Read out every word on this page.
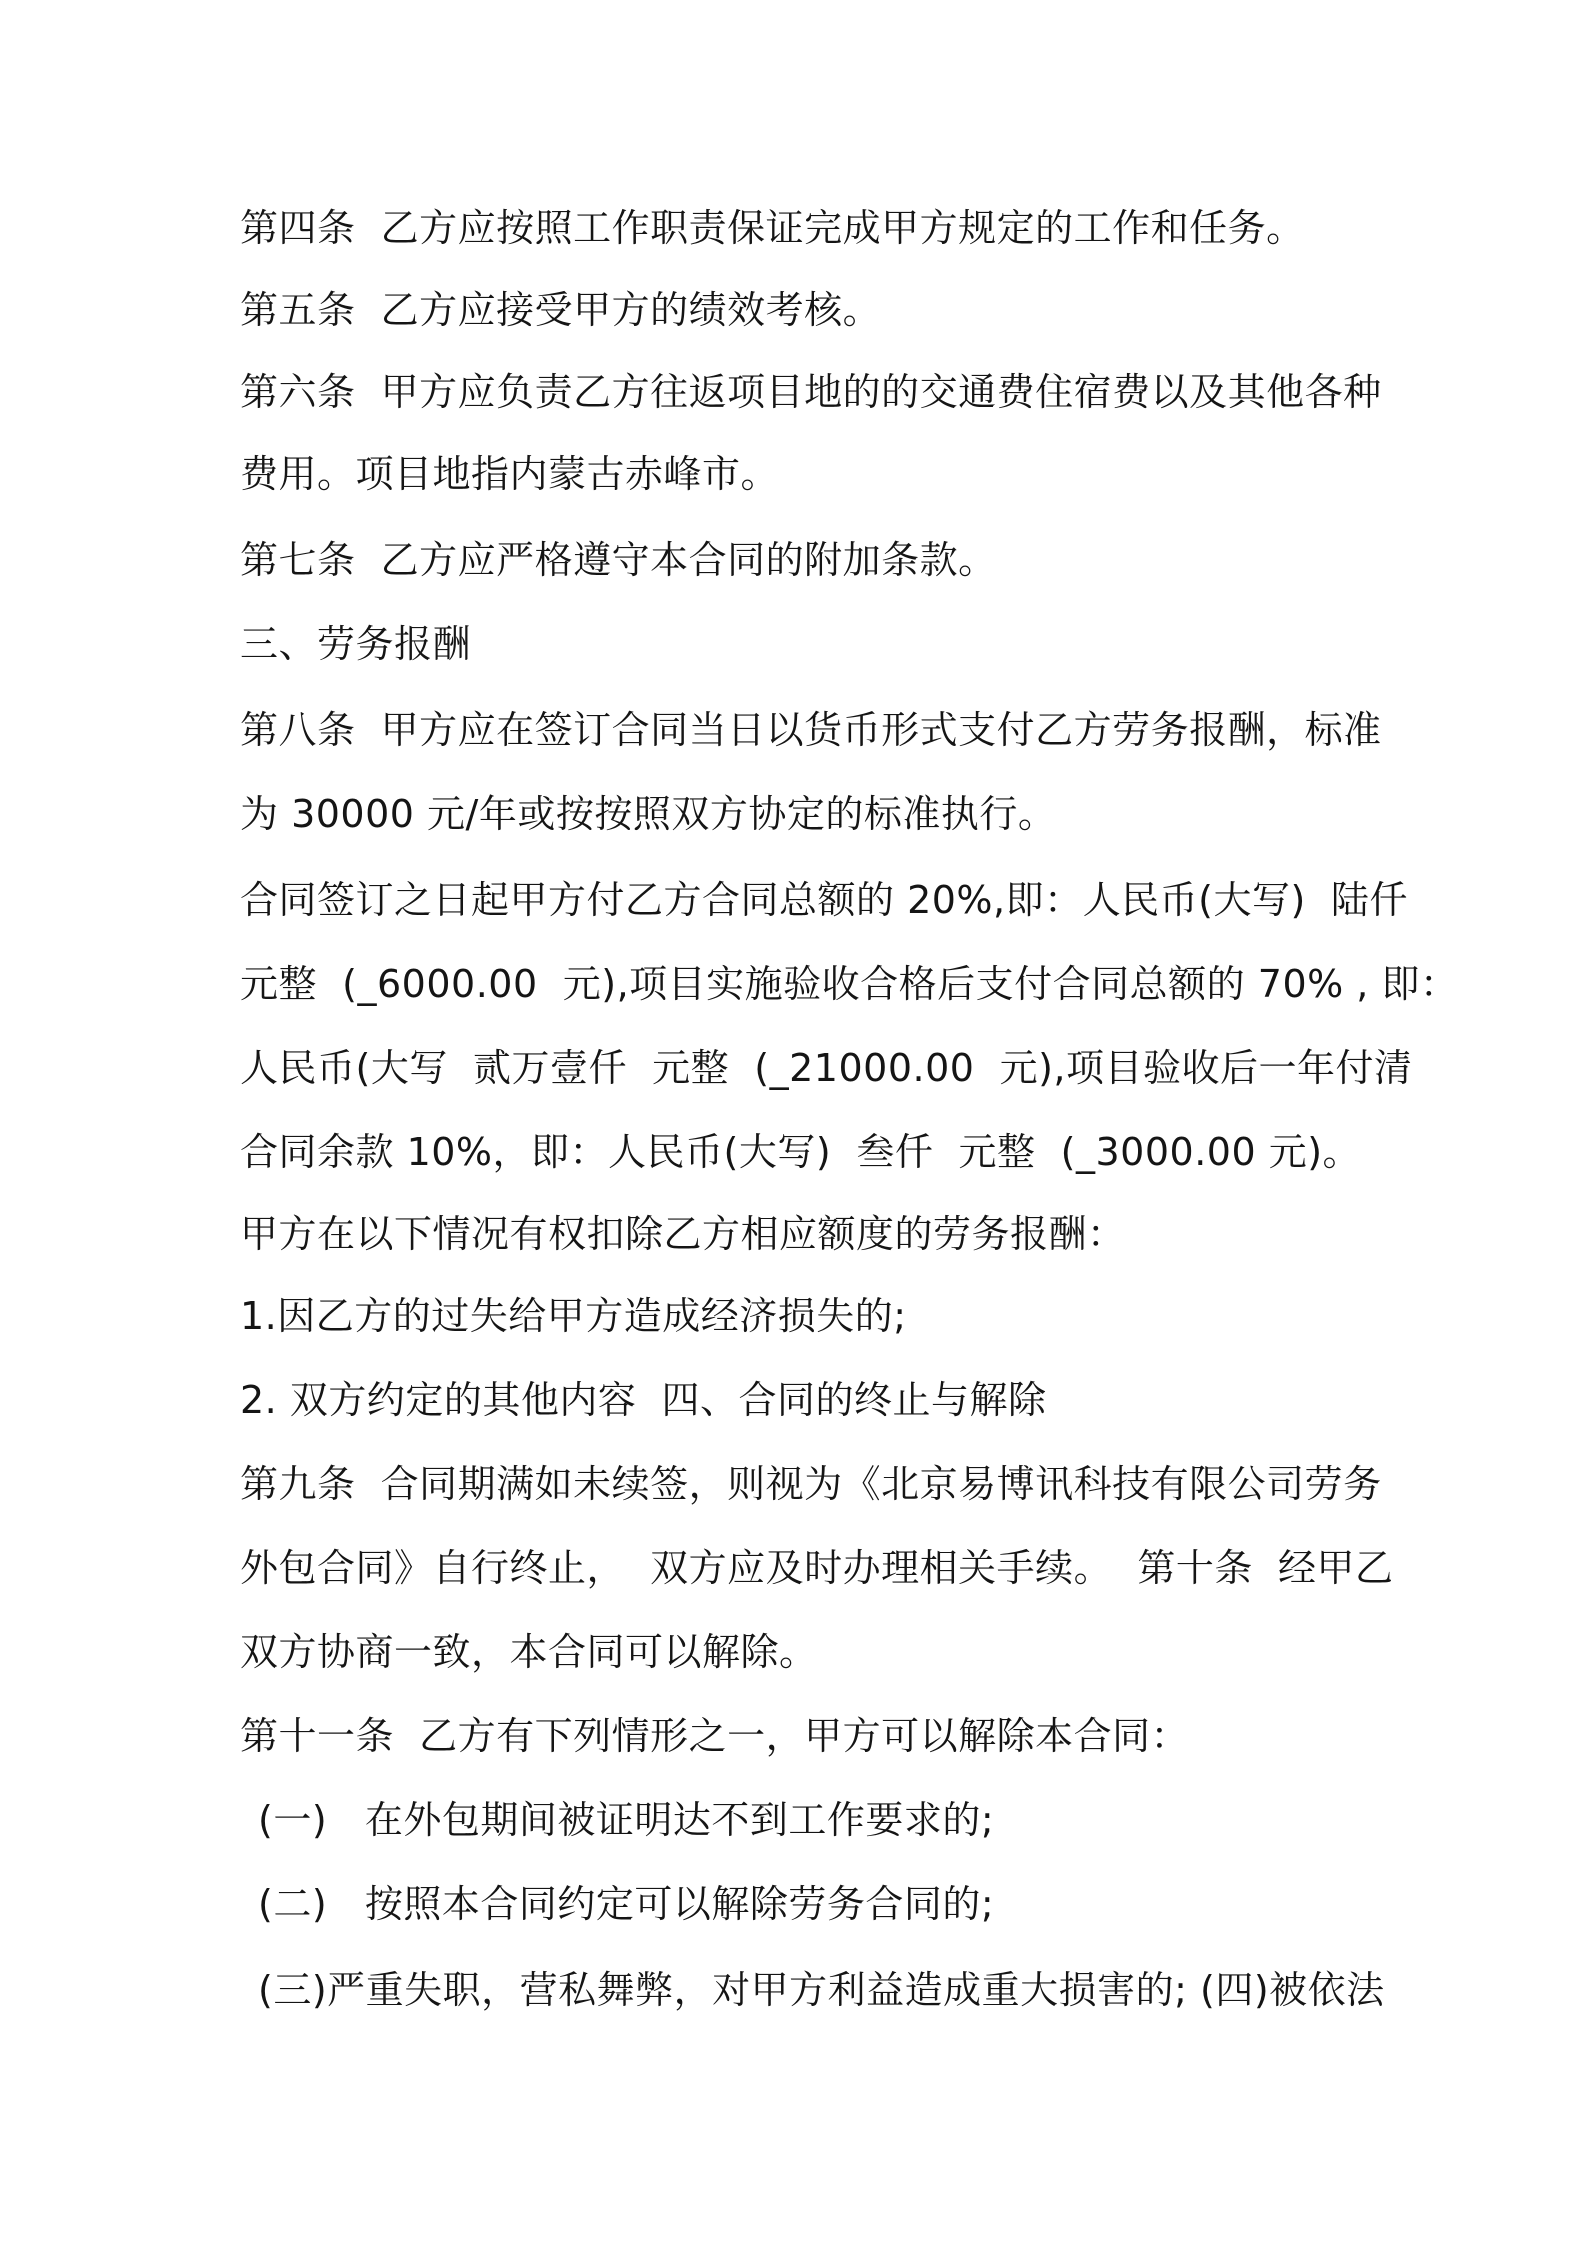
第四条  乙方应按照工作职责保证完成甲方规定的工作和任务。
第五条  乙方应接受甲方的绩效考核。
第六条  甲方应负责乙方往返项目地的的交通费住宿费以及其他各种
费用。项目地指内蒙古赤峰市。
第七条  乙方应严格遵守本合同的附加条款。
三、劳务报酬
第八条  甲方应在签订合同当日以货币形式支付乙方劳务报酬，标准
为 30000 元/年或按按照双方协定的标准执行。
合同签订之日起甲方付乙方合同总额的 20%,即：人民币(大写)  陆仟
元整  (_6000.00  元),项目实施验收合格后支付合同总额的 70% , 即：
人民币(大写  贰万壹仟  元整  (_21000.00  元),项目验收后一年付清
合同余款 10%，即：人民币(大写)  叁仟  元整  (_3000.00 元)。
甲方在以下情况有权扣除乙方相应额度的劳务报酬：
1.因乙方的过失给甲方造成经济损失的;
2. 双方约定的其他内容  四、合同的终止与解除
第九条  合同期满如未续签，则视为《北京易博讯科技有限公司劳务
外包合同》自行终止，  双方应及时办理相关手续。  第十条  经甲乙
双方协商一致，本合同可以解除。
第十一条  乙方有下列情形之一，甲方可以解除本合同：
(一)   在外包期间被证明达不到工作要求的;
(二)   按照本合同约定可以解除劳务合同的;
(三)严重失职，营私舞弊，对甲方利益造成重大损害的; (四)被依法
